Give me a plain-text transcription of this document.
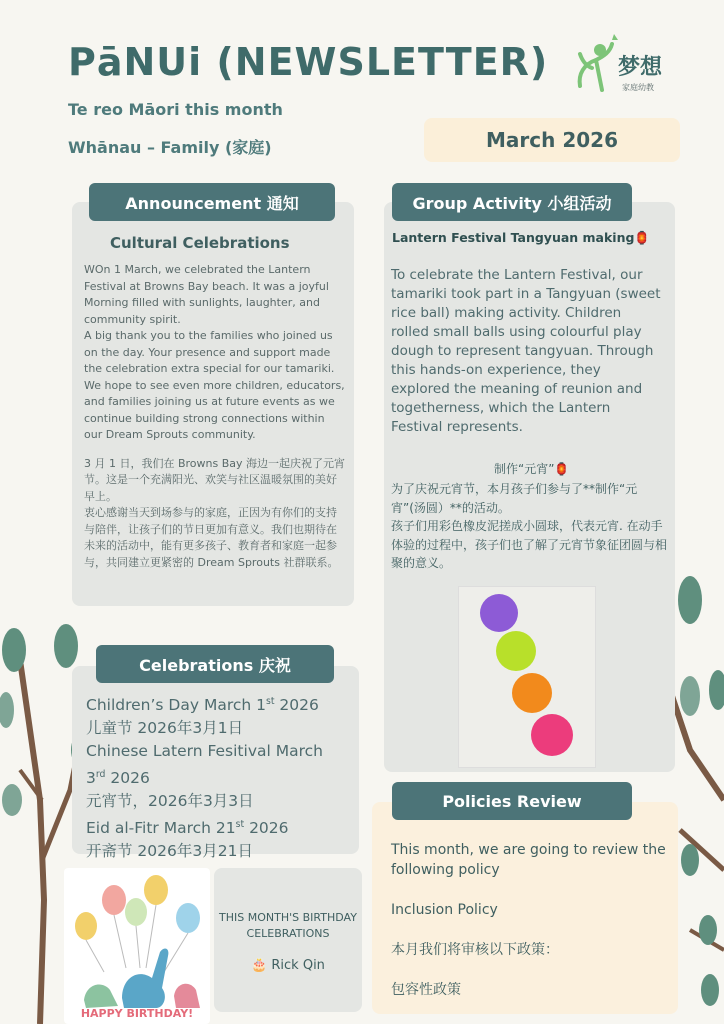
PāNUi (NEWSLETTER)
Te reo Māori this month
Whānau – Family (家庭)
梦想
家庭幼教
March 2026
Announcement 通知
Cultural Celebrations

WOn 1 March, we celebrated the Lantern Festival at Browns Bay beach. It was a joyful Morning filled with sunlights, laughter, and community spirit.

A big thank you to the families who joined us on the day. Your presence and support made the celebration extra special for our tamariki. We hope to see even more children, educators, and families joining us at future events as we continue building strong connections within our Dream Sprouts community.

3 月 1 日，我们在 Browns Bay 海边一起庆祝了元宵节。这是一个充满阳光、欢笑与社区温暖氛围的美好早上。

衷心感谢当天到场参与的家庭，正因为有你们的支持与陪伴，让孩子们的节日更加有意义。我们也期待在未来的活动中，能有更多孩子、教育者和家庭一起参与，共同建立更紧密的 Dream Sprouts 社群联系。

Group Activity 小组活动
Lantern Festival Tangyuan making🏮
To celebrate the Lantern Festival, our tamariki took part in a Tangyuan (sweet rice ball) making activity. Children rolled small balls using colourful play dough to represent tangyuan. Through this hands-on experience, they explored the meaning of reunion and togetherness, which the Lantern Festival represents.
制作“元宵”🏮

为了庆祝元宵节，本月孩子们参与了**制作“元宵”(汤圆）**的活动。

孩子们用彩色橡皮泥搓成小圆球，代表元宵. 在动手体验的过程中，孩子们也了解了元宵节象征团圆与相聚的意义。

Celebrations 庆祝

Children’s Day March 1st 2026

儿童节 2026年3月1日

Chinese Latern Fesitival March
3rd 2026

元宵节，2026年3月3日

Eid al-Fitr March 21st 2026

开斋节 2026年3月21日

Policies Review

This month, we are going to review the following policy

Inclusion Policy

本月我们将审核以下政策：

包容性政策

HAPPY BIRTHDAY!
THIS MONTH'S BIRTHDAY CELEBRATIONS
🎂 Rick Qin
